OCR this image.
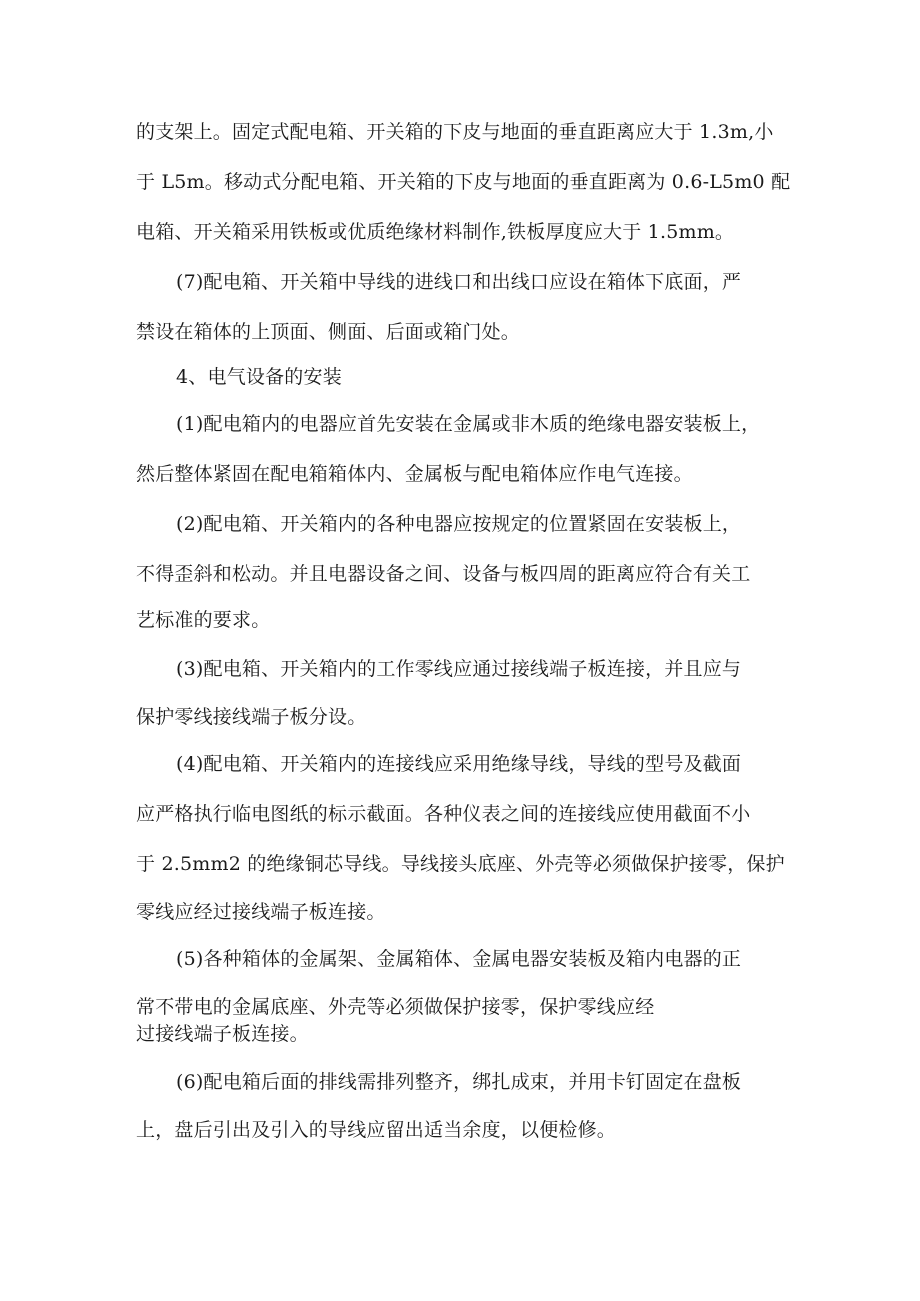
的支架上。固定式配电箱、开关箱的下皮与地面的垂直距离应大于 1.3m,小
于 L5m。移动式分配电箱、开关箱的下皮与地面的垂直距离为 0.6-L5m0 配
电箱、开关箱采用铁板或优质绝缘材料制作,铁板厚度应大于 1.5mm。
(7)配电箱、开关箱中导线的进线口和出线口应设在箱体下底面，严
禁设在箱体的上顶面、侧面、后面或箱门处。
4、电气设备的安装
(1)配电箱内的电器应首先安装在金属或非木质的绝缘电器安装板上，
然后整体紧固在配电箱箱体内、金属板与配电箱体应作电气连接。
(2)配电箱、开关箱内的各种电器应按规定的位置紧固在安装板上，
不得歪斜和松动。并且电器设备之间、设备与板四周的距离应符合有关工
艺标准的要求。
(3)配电箱、开关箱内的工作零线应通过接线端子板连接，并且应与
保护零线接线端子板分设。
(4)配电箱、开关箱内的连接线应采用绝缘导线，导线的型号及截面
应严格执行临电图纸的标示截面。各种仪表之间的连接线应使用截面不小
于 2.5mm2 的绝缘铜芯导线。导线接头底座、外壳等必须做保护接零，保护
零线应经过接线端子板连接。
(5)各种箱体的金属架、金属箱体、金属电器安装板及箱内电器的正
常不带电的金属底座、外壳等必须做保护接零，保护零线应经
过接线端子板连接。
(6)配电箱后面的排线需排列整齐，绑扎成束，并用卡钉固定在盘板
上，盘后引出及引入的导线应留出适当余度，以便检修。
